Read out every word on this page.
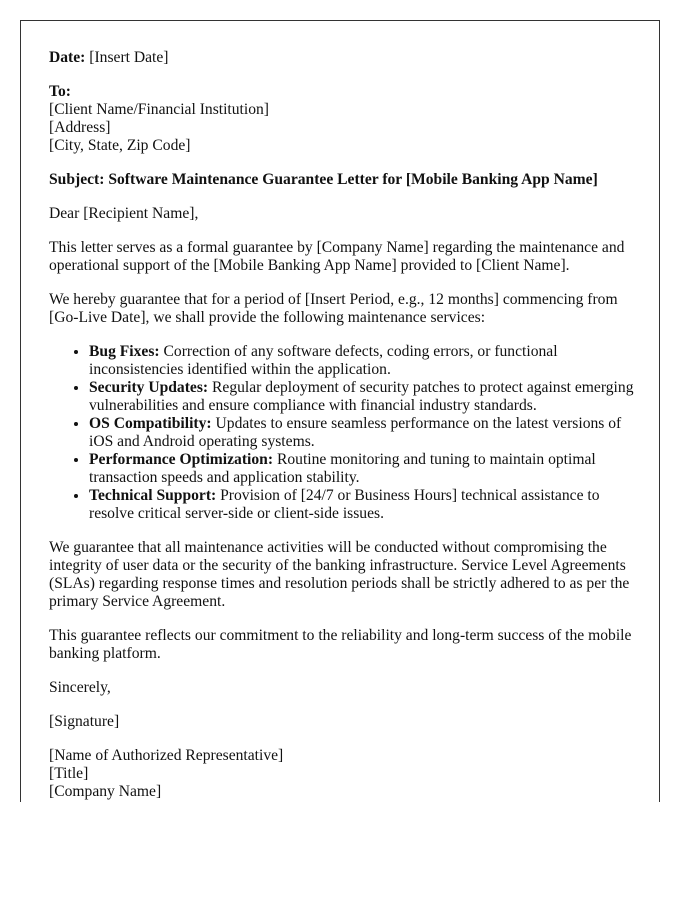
Date: [Insert Date]

To:
[Client Name/Financial Institution]
[Address]
[City, State, Zip Code]

Subject: Software Maintenance Guarantee Letter for [Mobile Banking App Name]

Dear [Recipient Name],

This letter serves as a formal guarantee by [Company Name] regarding the maintenance and operational support of the [Mobile Banking App Name] provided to [Client Name].

We hereby guarantee that for a period of [Insert Period, e.g., 12 months] commencing from [Go-Live Date], we shall provide the following maintenance services:

• Bug Fixes: Correction of any software defects, coding errors, or functional inconsistencies identified within the application.
• Security Updates: Regular deployment of security patches to protect against emerging vulnerabilities and ensure compliance with financial industry standards.
• OS Compatibility: Updates to ensure seamless performance on the latest versions of iOS and Android operating systems.
• Performance Optimization: Routine monitoring and tuning to maintain optimal transaction speeds and application stability.
• Technical Support: Provision of [24/7 or Business Hours] technical assistance to resolve critical server-side or client-side issues.

We guarantee that all maintenance activities will be conducted without compromising the integrity of user data or the security of the banking infrastructure. Service Level Agreements (SLAs) regarding response times and resolution periods shall be strictly adhered to as per the primary Service Agreement.

This guarantee reflects our commitment to the reliability and long-term success of the mobile banking platform.

Sincerely,

[Signature]

[Name of Authorized Representative]
[Title]
[Company Name]
